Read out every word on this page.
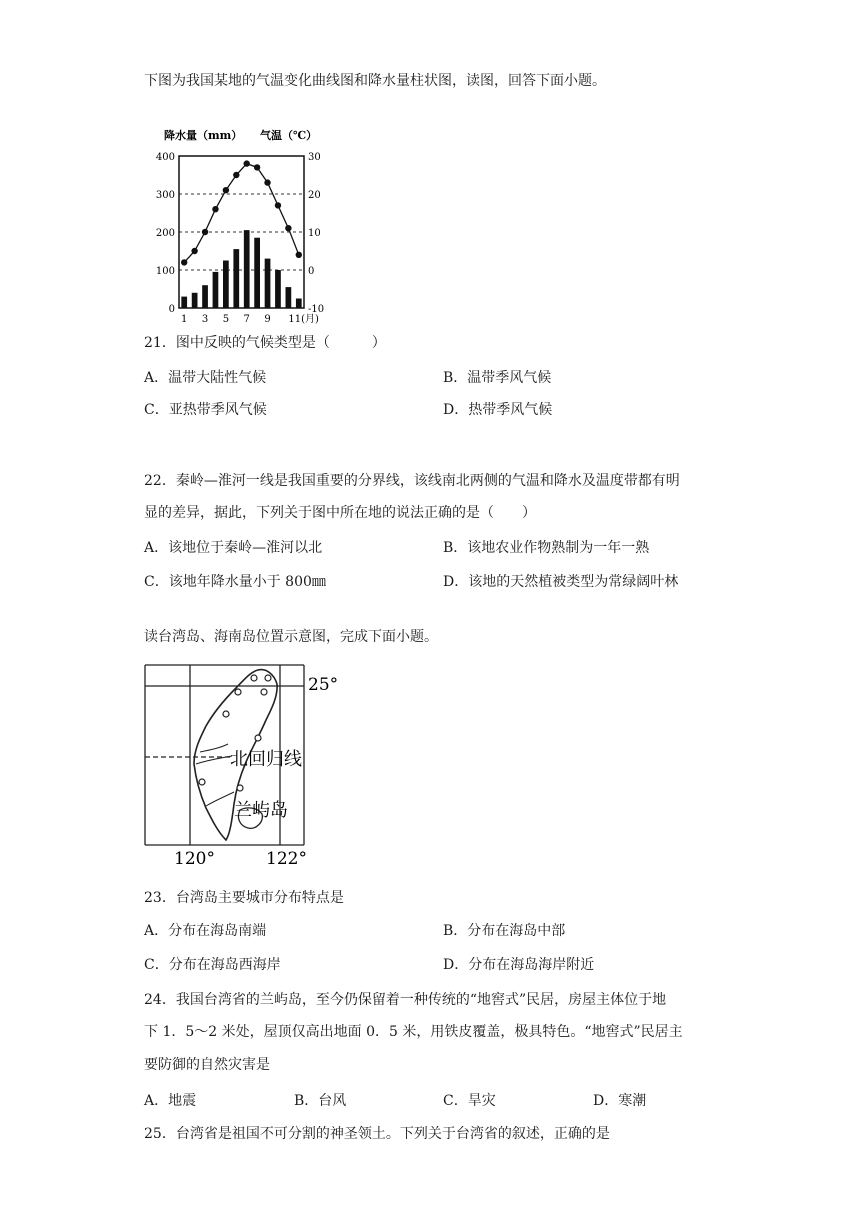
下图为我国某地的气温变化曲线图和降水量柱状图，读图，回答下面小题。
降水量（mm） 气温（℃）
400
300
200
100
0
30
20
10
0
-10
1 3 5 7 9 11(月)
21．图中反映的气候类型是（　　　）
A．温带大陆性气候	B．温带季风气候
C．亚热带季风气候	D．热带季风气候
22．秦岭—淮河一线是我国重要的分界线，该线南北两侧的气温和降水及温度带都有明
显的差异，据此，下列关于图中所在地的说法正确的是（　　）
A．该地位于秦岭—淮河以北	B．该地农业作物熟制为一年一熟
C．该地年降水量小于 800㎜	D．该地的天然植被类型为常绿阔叶林
读台湾岛、海南岛位置示意图，完成下面小题。
25°
北回归线
兰屿岛
120°	122°
23．台湾岛主要城市分布特点是
A．分布在海岛南端	B．分布在海岛中部
C．分布在海岛西海岸	D．分布在海岛海岸附近
24．我国台湾省的兰屿岛，至今仍保留着一种传统的“地窖式”民居，房屋主体位于地
下 1．5～2 米处，屋顶仅高出地面 0．5 米，用铁皮覆盖，极具特色。“地窖式”民居主
要防御的自然灾害是
A．地震	B．台风	C．旱灾	D．寒潮
25．台湾省是祖国不可分割的神圣领土。下列关于台湾省的叙述，正确的是
